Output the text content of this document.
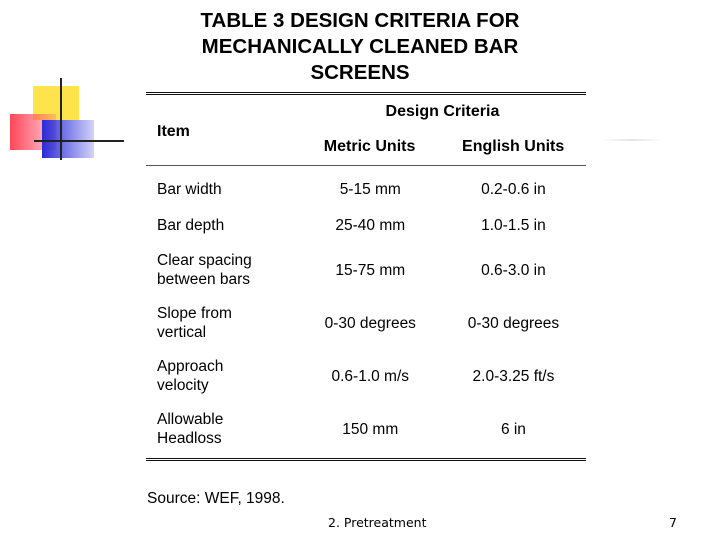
TABLE 3 DESIGN CRITERIA FOR
MECHANICALLY CLEANED BAR
SCREENS
Item	Design Criteria	
	Metric Units	English Units
Bar width	5-15 mm	0.2-0.6 in
Bar depth	25-40 mm	1.0-1.5 in
Clear spacing
between bars	15-75 mm	0.6-3.0 in
Slope from
vertical	0-30 degrees	0-30 degrees
Approach
velocity	0.6-1.0 m/s	2.0-3.25 ft/s
Allowable
Headloss	150 mm	6 in
Source: WEF, 1998.
2. Pretreatment	7
